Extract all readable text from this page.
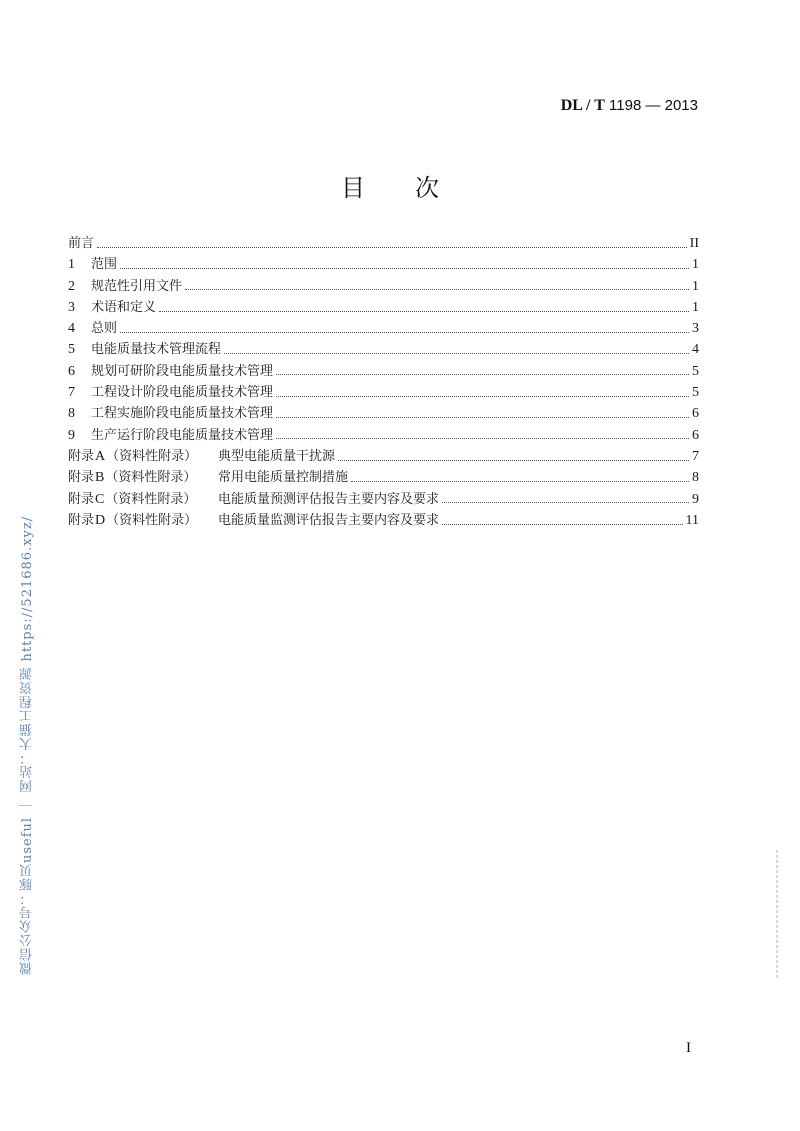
DL / T 1198 — 2013
目次
前言	II
1	范围	1
2	规范性引用文件	1
3	术语和定义	1
4	总则	3
5	电能质量技术管理流程	4
6	规划可研阶段电能质量技术管理	5
7	工程设计阶段电能质量技术管理	5
8	工程实施阶段电能质量技术管理	6
9	生产运行阶段电能质量技术管理	6
附录A（资料性附录）	典型电能质量干扰源	7
附录B（资料性附录）	常用电能质量控制措施	8
附录C（资料性附录）	电能质量预测评估报告主要内容及要求	9
附录D（资料性附录）	电能质量监测评估报告主要内容及要求	11
微信公众号：豚贝useful ｜ 网站：大猫工程资源 https://521686.xyz/
I
